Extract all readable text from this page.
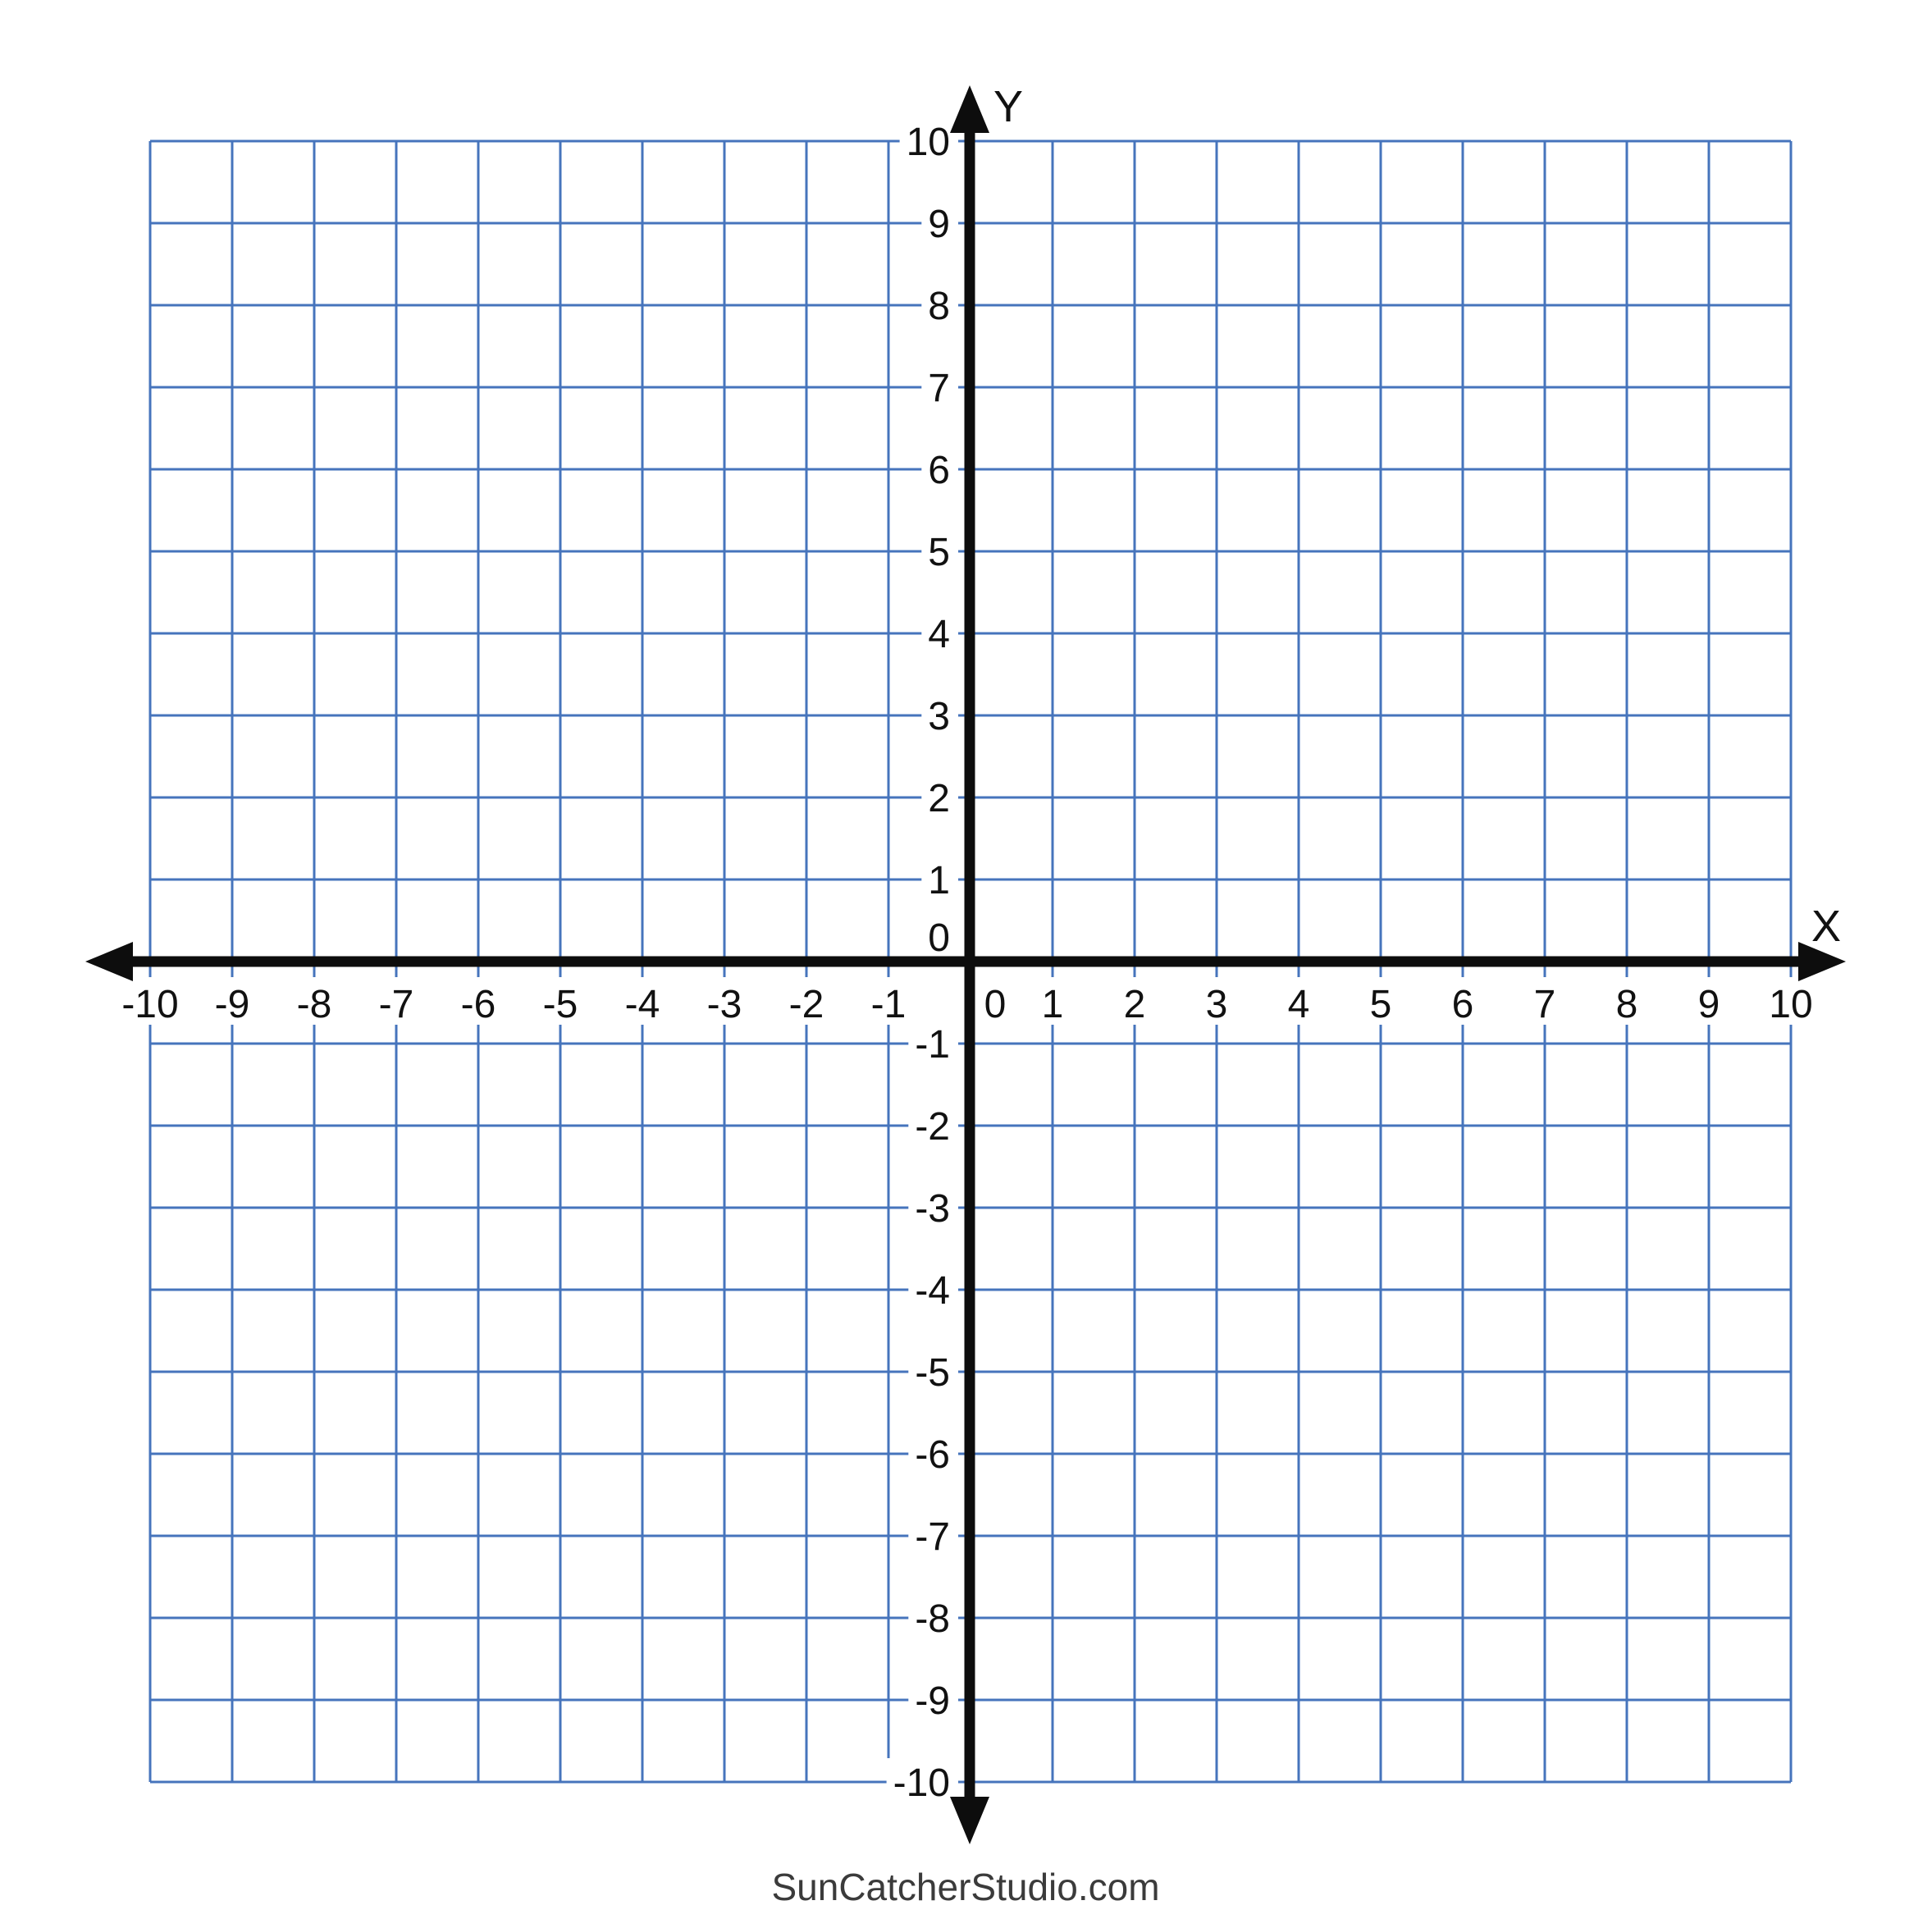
-10 -9 -8 -7 -6 -5 -4 -3 -2 -1 0 1 2 3 4 5 6 7 8 9 10
-10
-9
-8
-7
-6
-5
-4
-3
-2
-1
0
1
2
3
4
5
6
7
8
9
10
X
Y
SunCatcherStudio.com
